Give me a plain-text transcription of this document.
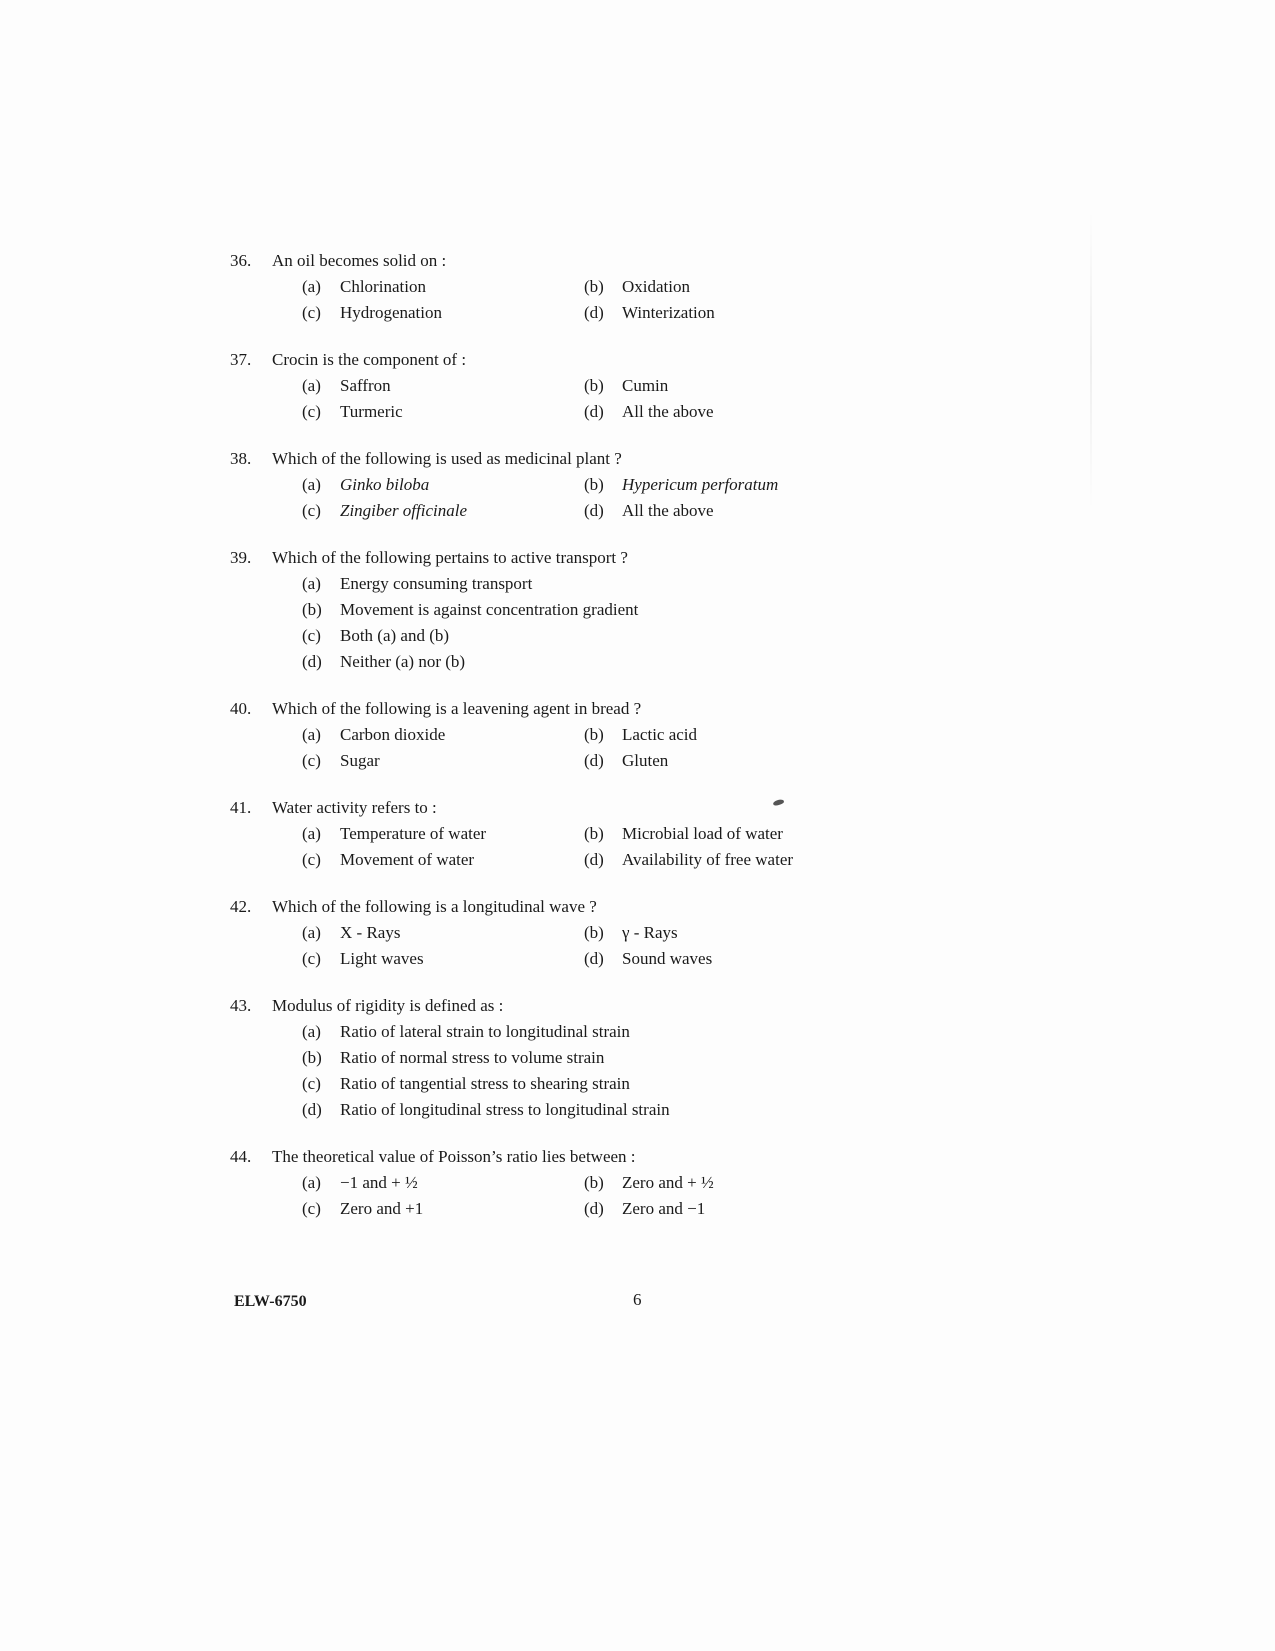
36.	An oil becomes solid on :
(a)	Chlorination	(b)	Oxidation
(c)	Hydrogenation	(d)	Winterization
37.	Crocin is the component of :
(a)	Saffron	(b)	Cumin
(c)	Turmeric	(d)	All the above
38.	Which of the following is used as medicinal plant ?
(a)	Ginko biloba	(b)	Hypericum perforatum
(c)	Zingiber officinale	(d)	All the above
39.	Which of the following pertains to active transport ?
(a)	Energy consuming transport
(b)	Movement is against concentration gradient
(c)	Both (a) and (b)
(d)	Neither (a) nor (b)
40.	Which of the following is a leavening agent in bread ?
(a)	Carbon dioxide	(b)	Lactic acid
(c)	Sugar	(d)	Gluten
41.	Water activity refers to :
(a)	Temperature of water	(b)	Microbial load of water
(c)	Movement of water	(d)	Availability of free water
42.	Which of the following is a longitudinal wave ?
(a)	X - Rays	(b)	γ - Rays
(c)	Light waves	(d)	Sound waves
43.	Modulus of rigidity is defined as :
(a)	Ratio of lateral strain to longitudinal strain
(b)	Ratio of normal stress to volume strain
(c)	Ratio of tangential stress to shearing strain
(d)	Ratio of longitudinal stress to longitudinal strain
44.	The theoretical value of Poisson’s ratio lies between :
(a)	−1 and + ½	(b)	Zero and + ½
(c)	Zero and +1	(d)	Zero and −1
ELW-6750	6
